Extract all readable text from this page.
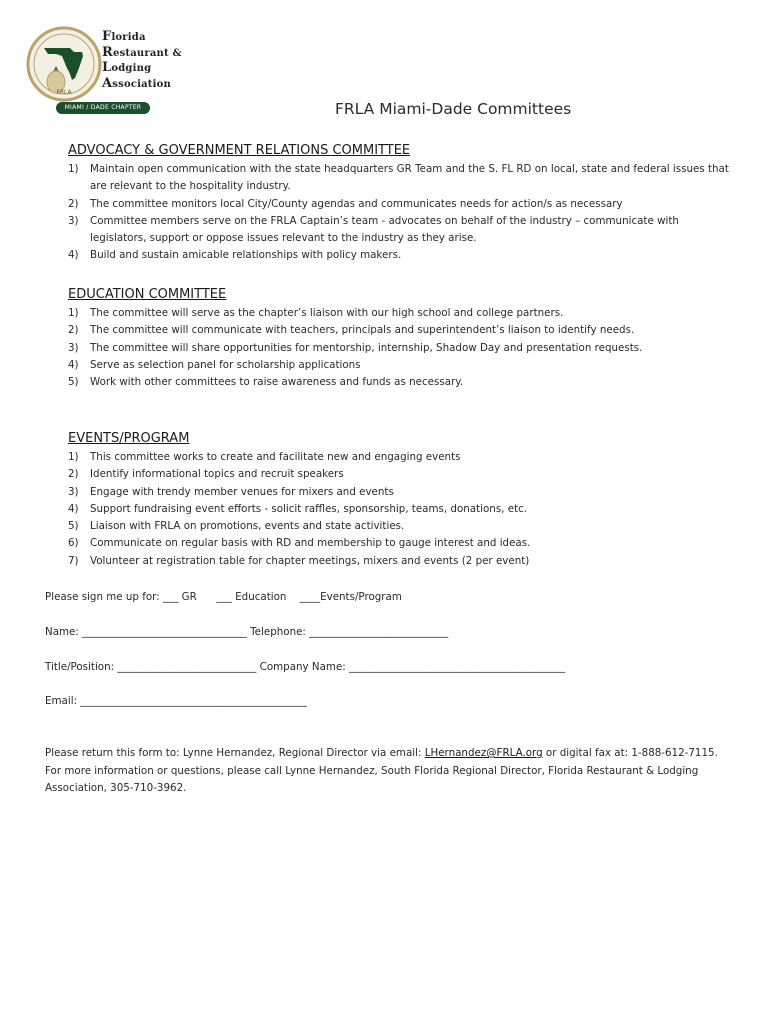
FRLA
Florida
Restaurant &
Lodging
Association
MIAMI / DADE CHAPTER	FRLA Miami-Dade Committees
ADVOCACY & GOVERNMENT RELATIONS COMMITTEE
1) Maintain open communication with the state headquarters GR Team and the S. FL RD on local, state and federal issues that are relevant to the hospitality industry.
2) The committee monitors local City/County agendas and communicates needs for action/s as necessary
3) Committee members serve on the FRLA Captain’s team - advocates on behalf of the industry – communicate with legislators, support or oppose issues relevant to the industry as they arise.
4) Build and sustain amicable relationships with policy makers.
EDUCATION COMMITTEE
1) The committee will serve as the chapter’s liaison with our high school and college partners.
2) The committee will communicate with teachers, principals and superintendent’s liaison to identify needs.
3) The committee will share opportunities for mentorship, internship, Shadow Day and presentation requests.
4) Serve as selection panel for scholarship applications
5) Work with other committees to raise awareness and funds as necessary.
EVENTS/PROGRAM
1) This committee works to create and facilitate new and engaging events
2) Identify informational topics and recruit speakers
3) Engage with trendy member venues for mixers and events
4) Support fundraising event efforts - solicit raffles, sponsorship, teams, donations, etc.
5) Liaison with FRLA on promotions, events and state activities.
6) Communicate on regular basis with RD and membership to gauge interest and ideas.
7) Volunteer at registration table for chapter meetings, mixers and events (2 per event)
Please sign me up for: ___ GR      ___ Education    ____Events/Program
Name: ________________________________ Telephone: ___________________________
Title/Position: ___________________________ Company Name: __________________________________________
Email: ____________________________________________
Please return this form to: Lynne Hernandez, Regional Director via email: LHernandez@FRLA.org or digital fax at: 1-888-612-7115. For more information or questions, please call Lynne Hernandez, South Florida Regional Director, Florida Restaurant & Lodging Association, 305-710-3962.
